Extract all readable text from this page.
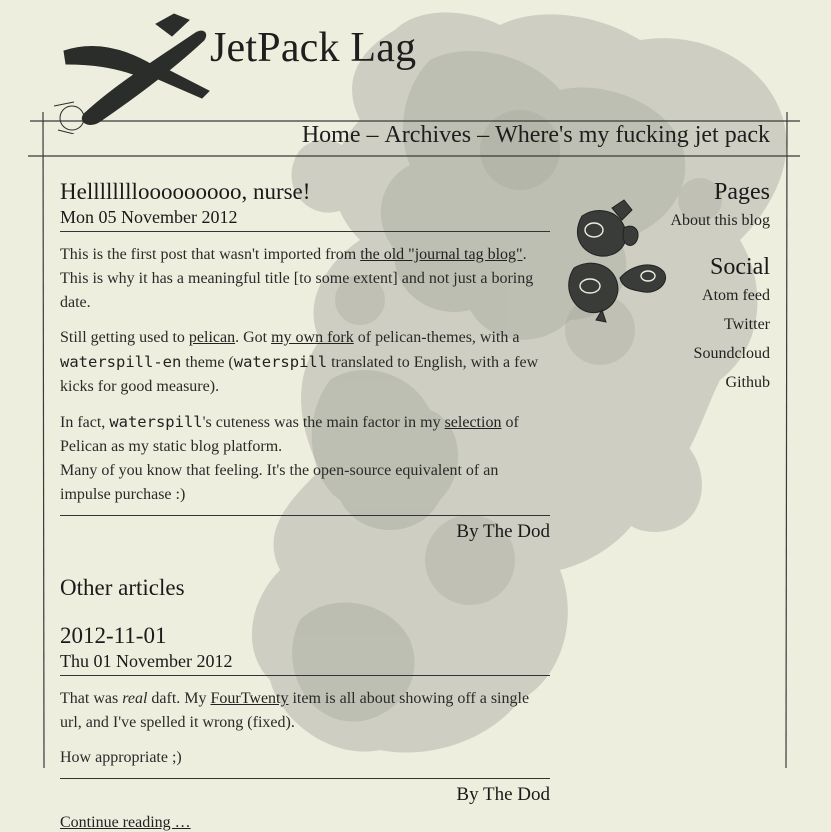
JetPack Lag
Home – Archives – Where's my fucking jet pack
Hellllllllooooooooo, nurse!
Mon 05 November 2012

This is the first post that wasn't imported from the old "journal tag blog". This is why it has a meaningful title [to some extent] and not just a boring date.

Still getting used to pelican. Got my own fork of pelican-themes, with a waterspill-en theme (waterspill translated to English, with a few kicks for good measure).

In fact, waterspill's cuteness was the main factor in my selection of Pelican as my static blog platform.
Many of you know that feeling. It's the open-source equivalent of an impulse purchase :)

By The Dod
Other articles
2012-11-01
Thu 01 November 2012

That was real daft. My FourTwenty item is all about showing off a single url, and I've spelled it wrong (fixed).

How appropriate ;)

By The Dod
Continue reading …
Pages
About this blog
Social
Atom feed
Twitter
Soundcloud
Github
